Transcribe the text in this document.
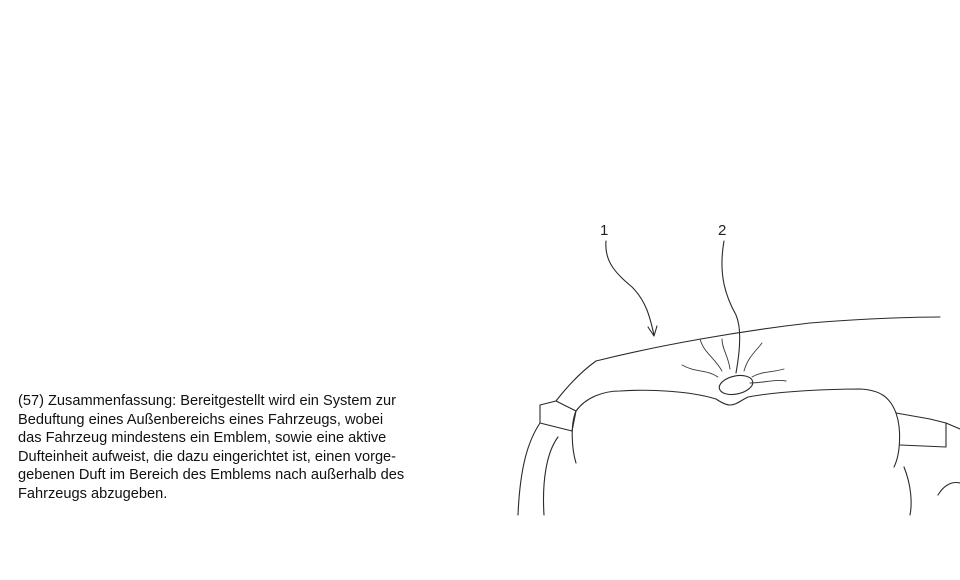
(57) Zusammenfassung: Bereitgestellt wird ein System zur
Beduftung eines Außenbereichs eines Fahrzeugs, wobei
das Fahrzeug mindestens ein Emblem, sowie eine aktive
Dufteinheit aufweist, die dazu eingerichtet ist, einen vorge-
gebenen Duft im Bereich des Emblems nach außerhalb des
Fahrzeugs abzugeben.
1	2
